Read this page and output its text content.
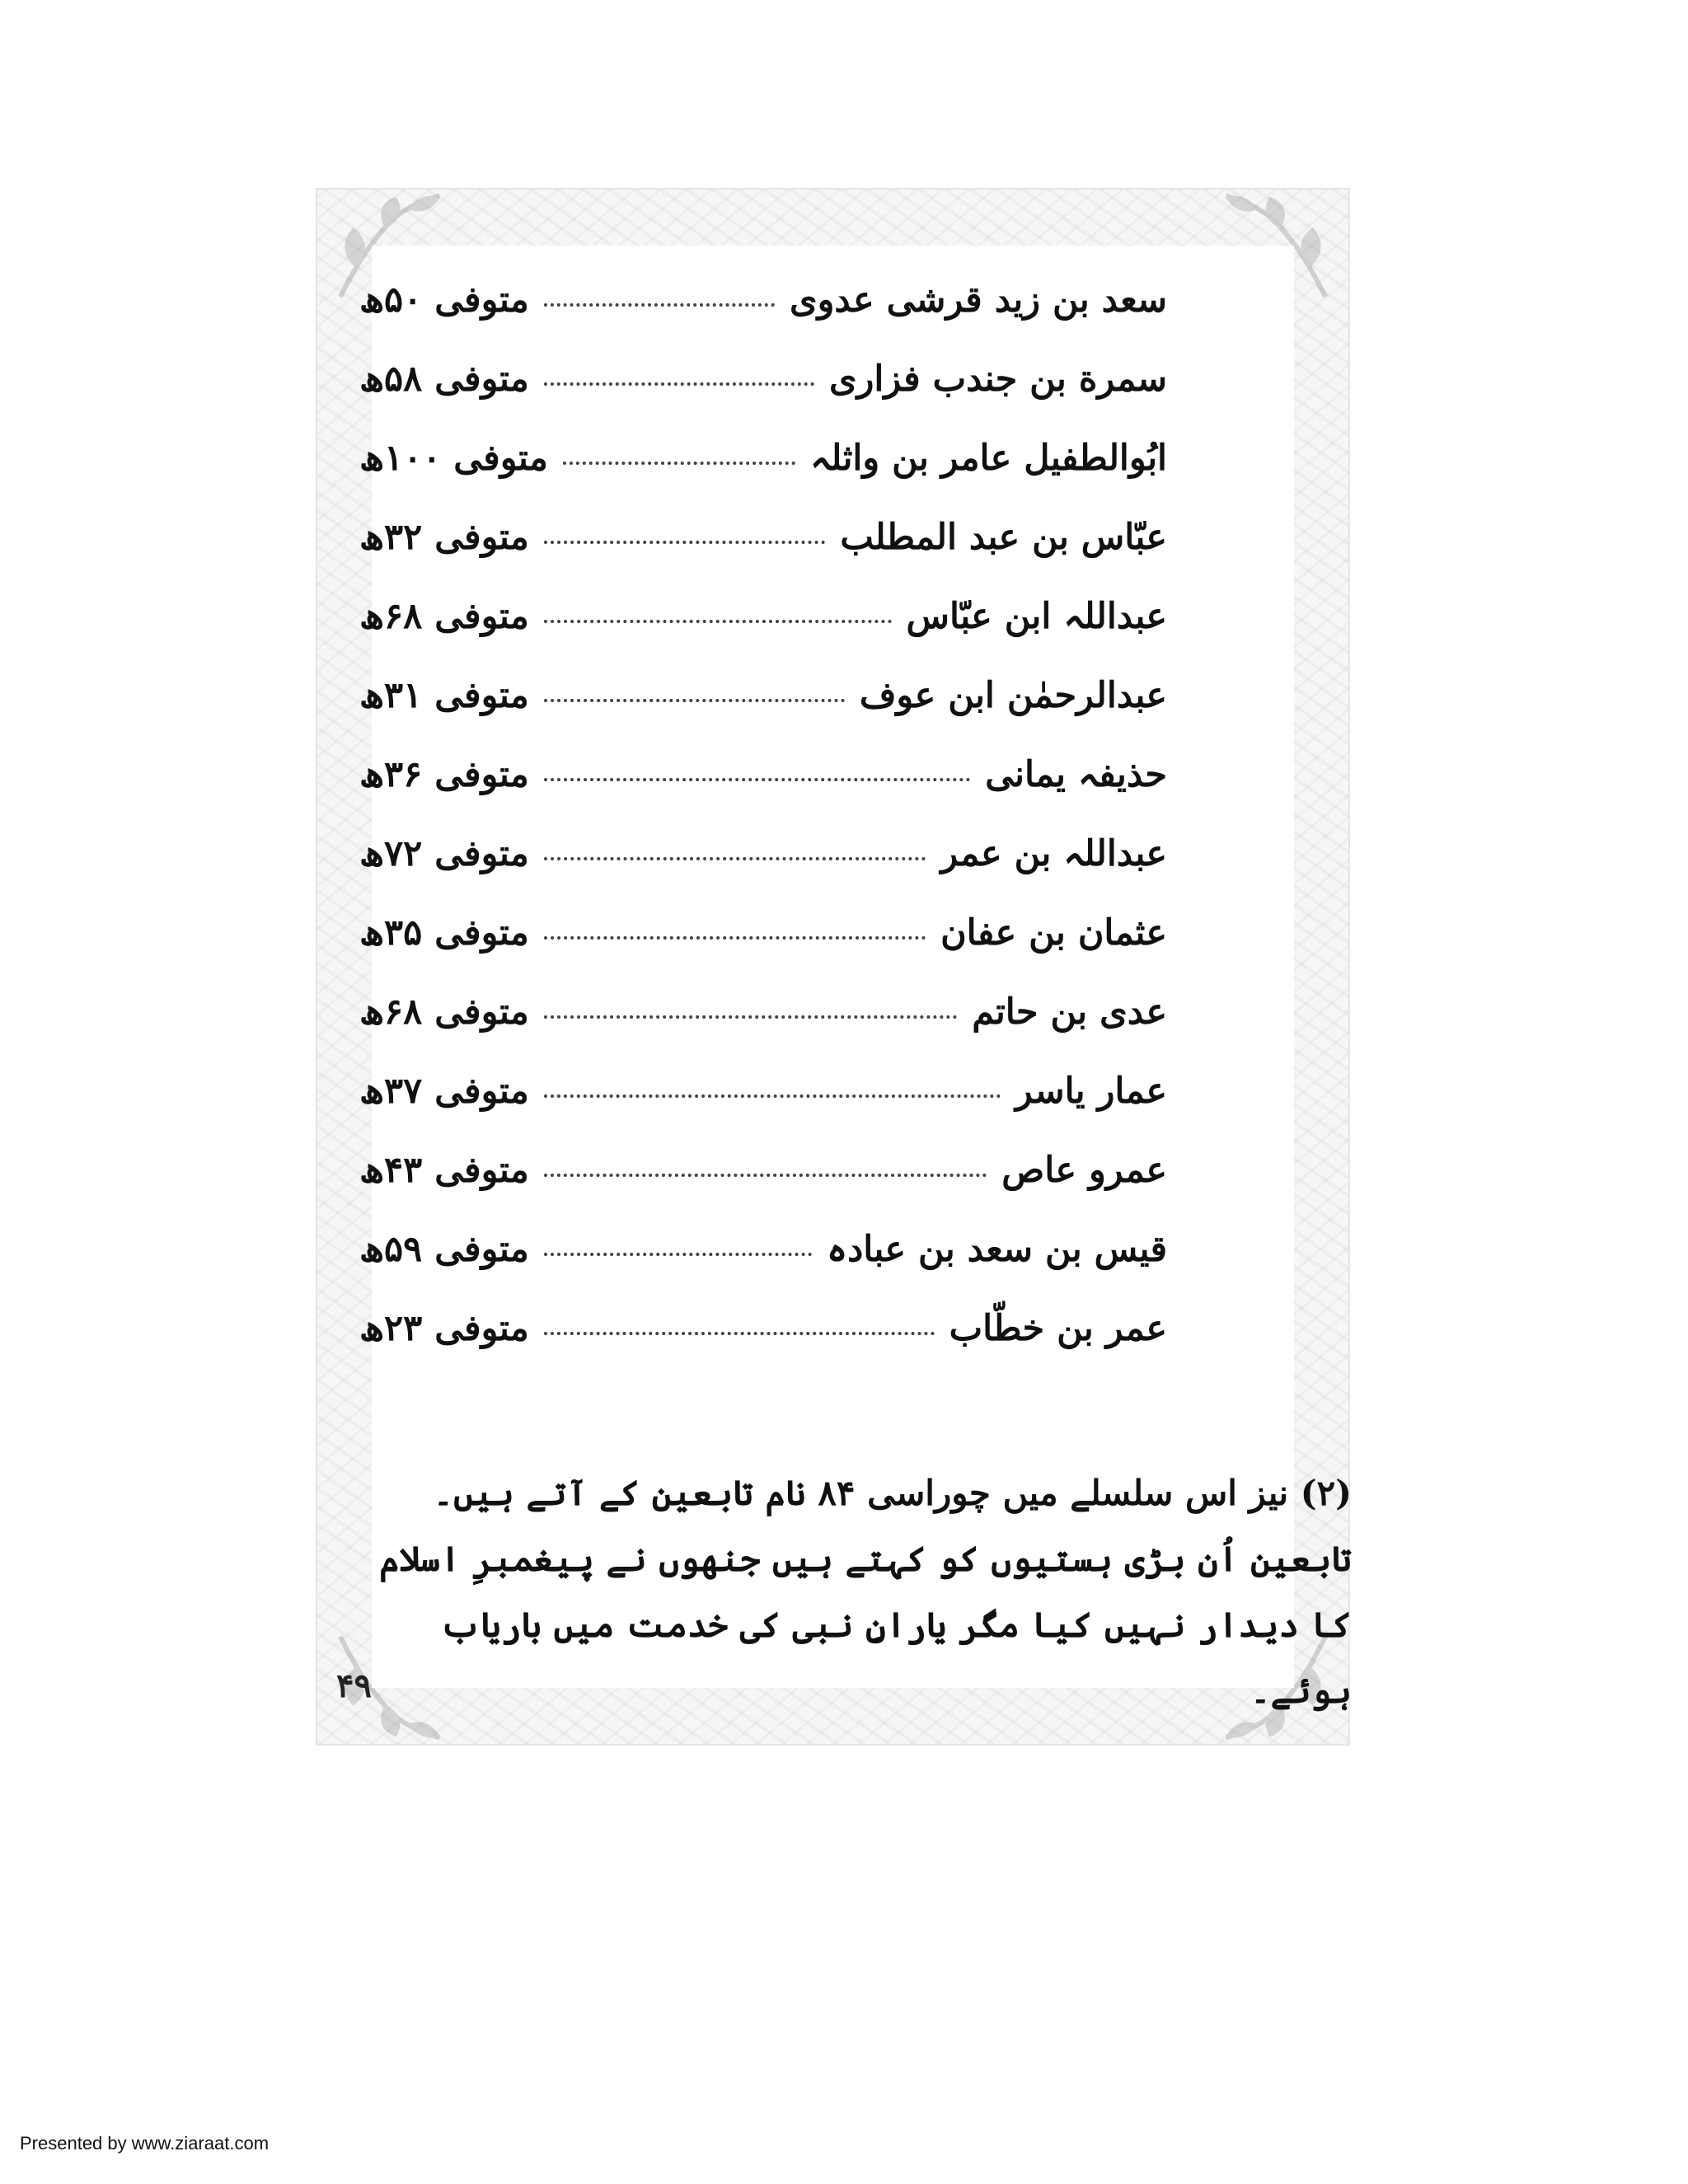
سعد بن زید قرشی عدوی
متوفی ۵۰ھ
سمرة بن جندب فزاری
متوفی ۵۸ھ
ابُوالطفیل عامر بن واثلہ
متوفی ۱۰۰ھ
عبّاس بن عبد المطلب
متوفی ۳۲ھ
عبداللہ ابن عبّاس
متوفی ۶۸ھ
عبدالرحمٰن ابن عوف
متوفی ۳۱ھ
حذیفہ یمانی
متوفی ۳۶ھ
عبداللہ بن عمر
متوفی ۷۲ھ
عثمان بن عفان
متوفی ۳۵ھ
عدی بن حاتم
متوفی ۶۸ھ
عمار یاسر
متوفی ۳۷ھ
عمرو عاص
متوفی ۴۳ھ
قیس بن سعد بن عبادہ
متوفی ۵۹ھ
عمر بن خطّاب
متوفی ۲۳ھ
(۲) نیز اس سلسلے میں چوراسی ۸۴ نام تابعین کے آتے ہیں۔ تابعین اُن بڑی ہستیوں کو کہتے ہیں جنھوں نے پیغمبرِ اسلام کا دیدار نہیں کیا مگر یارانِ نبی کی خدمت میں باریاب ہوئے۔
۴۹
Presented by www.ziaraat.com
